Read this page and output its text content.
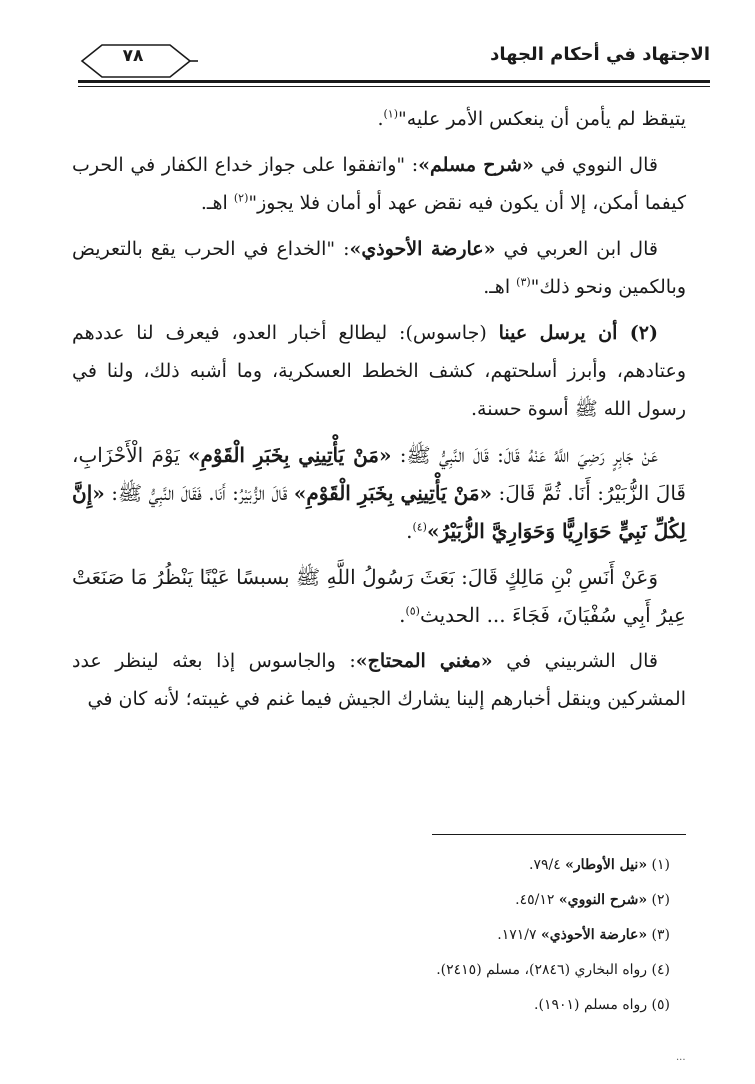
الاجتهاد في أحكام الجهاد
٧٨

يتيقظ لم يأمن أن ينعكس الأمر عليه"$^{(١)}$.

قال النووي في «شرح مسلم»: "واتفقوا على جواز خداع الكفار في الحرب كيفما أمكن، إلا أن يكون فيه نقض عهد أو أمان فلا يجوز"$^{(٢)}$ اهـ.

قال ابن العربي في «عارضة الأحوذي»: "الخداع في الحرب يقع بالتعريض وبالكمين ونحو ذلك"$^{(٣)}$ اهـ.

(٢) أن يرسل عينا (جاسوس): ليطالع أخبار العدو، فيعرف لنا عددهم وعتادهم، وأبرز أسلحتهم، كشف الخطط العسكرية، وما أشبه ذلك، ولنا في رسول الله ﷺ أسوة حسنة.

عَنْ جَابِرٍ رَضِيَ اللَّهُ عَنْهُ قَالَ: قَالَ النَّبِيُّ ﷺ: «مَنْ يَأْتِينِي بِخَبَرِ الْقَوْمِ» يَوْمَ الْأَحْزَابِ، قَالَ الزُّبَيْرُ: أَنَا. ثُمَّ قَالَ: «مَنْ يَأْتِينِي بِخَبَرِ الْقَوْمِ» قَالَ الزُّبَيْرُ: أَنَا. فَقَالَ النَّبِيُّ ﷺ: «إِنَّ لِكُلِّ نَبِيٍّ حَوَارِيًّا وَحَوَارِيَّ الزُّبَيْرُ»$^{(٤)}$.

وَعَنْ أَنَسِ بْنِ مَالِكٍ قَالَ: بَعَثَ رَسُولُ اللَّهِ ﷺ بسبسًا عَيْنًا يَنْظُرُ مَا صَنَعَتْ عِيرُ أَبِي سُفْيَانَ، فَجَاءَ ... الحديث$^{(٥)}$.

قال الشربيني في «مغني المحتاج»: والجاسوس إذا بعثه لينظر عدد المشركين وينقل أخبارهم إلينا يشارك الجيش فيما غنم في غيبته؛ لأنه كان في

(١) «نيل الأوطار» ٧٩/٤.

(٢) «شرح النووي» ٤٥/١٢.

(٣) «عارضة الأحوذي» ١٧١/٧.

(٤) رواه البخاري (٢٨٤٦)، مسلم (٢٤١٥).

(٥) رواه مسلم (١٩٠١).

...
